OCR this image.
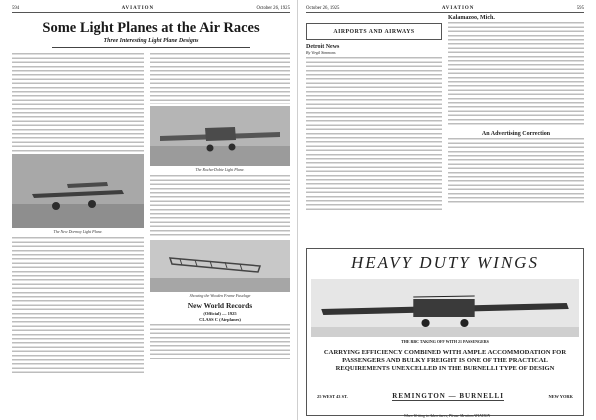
594	AVIATION	October 26, 1925
Some Light Planes at the Air Races
Three Interesting Light Plane Designs
The New Dormoy Light Plane.
The Rocha-Dobie Light Plane.
Showing the Wooden Frame Fuselage
New World Records
(Official) — 1925
CLASS C (Airplanes)
October 26, 1925	AVIATION	595
AIRPORTS AND AIRWAYS
Detroit News
By Virgil Simmons
Kalamazoo, Mich.
An Advertising Correction
HEAVY DUTY WINGS
THE RBC TAKING OFF WITH 21 PASSENGERS
CARRYING EFFICIENCY COMBINED WITH AMPLE ACCOMMODATION FOR PASSENGERS AND BULKY FREIGHT IS ONE OF THE PRACTICAL REQUIREMENTS UNEXCELLED IN THE BURNELLI TYPE OF DESIGN
25 WEST 43 ST.	REMINGTON — BURNELLI	NEW YORK
When Writing to Advertisers, Please Mention AVIATION
